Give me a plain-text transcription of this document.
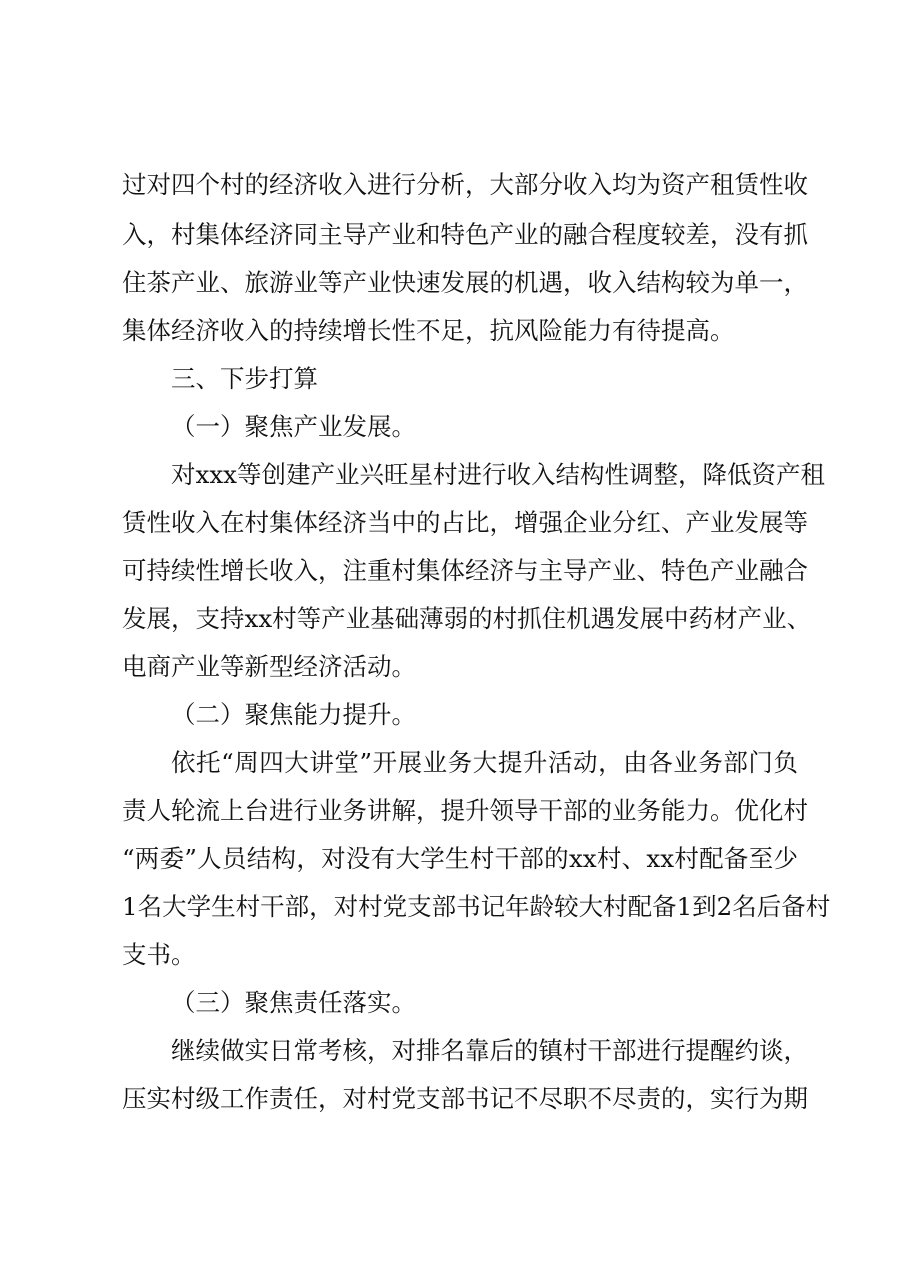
过对四个村的经济收入进行分析，大部分收入均为资产租赁性收
入，村集体经济同主导产业和特色产业的融合程度较差，没有抓
住茶产业、旅游业等产业快速发展的机遇，收入结构较为单一，
集体经济收入的持续增长性不足，抗风险能力有待提高。
三、下步打算
（一）聚焦产业发展。
对xxx等创建产业兴旺星村进行收入结构性调整，降低资产租
赁性收入在村集体经济当中的占比，增强企业分红、产业发展等
可持续性增长收入，注重村集体经济与主导产业、特色产业融合
发展，支持xx村等产业基础薄弱的村抓住机遇发展中药材产业、
电商产业等新型经济活动。
（二）聚焦能力提升。
依托“周四大讲堂”开展业务大提升活动，由各业务部门负
责人轮流上台进行业务讲解，提升领导干部的业务能力。优化村
“两委”人员结构，对没有大学生村干部的xx村、xx村配备至少
1名大学生村干部，对村党支部书记年龄较大村配备1到2名后备村
支书。
（三）聚焦责任落实。
继续做实日常考核，对排名靠后的镇村干部进行提醒约谈，
压实村级工作责任，对村党支部书记不尽职不尽责的，实行为期
